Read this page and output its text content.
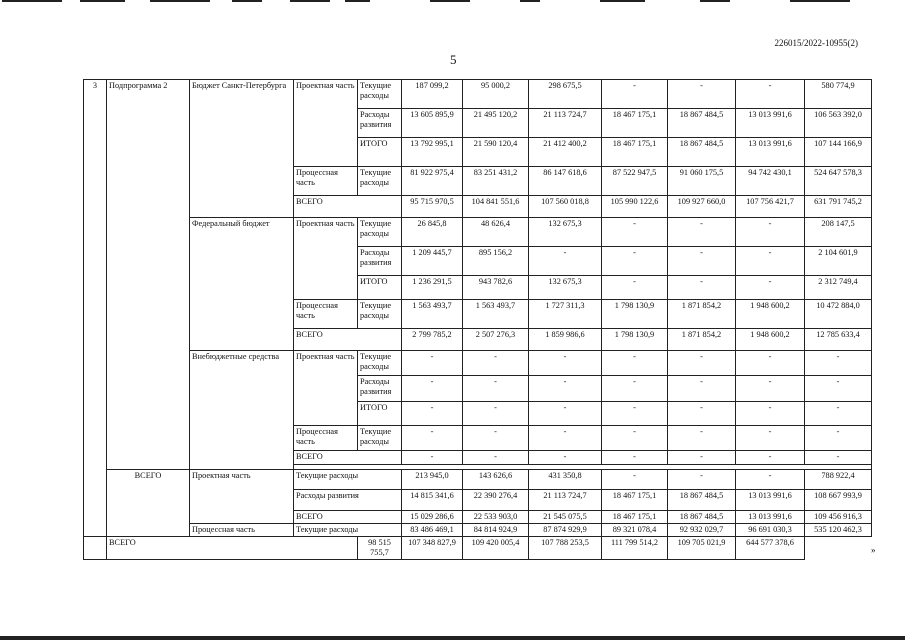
226015/2022-10955(2)
5
3	Подпрограмма 2	Бюджет Санкт-Петербурга	Проектная часть	Текущие расходы	187 099,2	95 000,2	298 675,5	-	-	-	580 774,9
				Расходы развития	13 605 895,9	21 495 120,2	21 113 724,7	18 467 175,1	18 867 484,5	13 013 991,6	106 563 392,0
				ИТОГО	13 792 995,1	21 590 120,4	21 412 400,2	18 467 175,1	18 867 484,5	13 013 991,6	107 144 166,9
			Процессная часть	Текущие расходы	81 922 975,4	83 251 431,2	86 147 618,6	87 522 947,5	91 060 175,5	94 742 430,1	524 647 578,3
			ВСЕГО		95 715 970,5	104 841 551,6	107 560 018,8	105 990 122,6	109 927 660,0	107 756 421,7	631 791 745,2
		Федеральный бюджет	Проектная часть	Текущие расходы	26 845,8	48 626,4	132 675,3	-	-	-	208 147,5
				Расходы развития	1 209 445,7	895 156,2	-	-	-	-	2 104 601,9
				ИТОГО	1 236 291,5	943 782,6	132 675,3	-	-	-	2 312 749,4
			Процессная часть	Текущие расходы	1 563 493,7	1 563 493,7	1 727 311,3	1 798 130,9	1 871 854,2	1 948 600,2	10 472 884,0
			ВСЕГО		2 799 785,2	2 507 276,3	1 859 986,6	1 798 130,9	1 871 854,2	1 948 600,2	12 785 633,4
		Внебюджетные средства	Проектная часть	Текущие расходы	-	-	-	-	-	-	-
				Расходы развития	-	-	-	-	-	-	-
				ИТОГО	-	-	-	-	-	-	-
			Процессная часть	Текущие расходы	-	-	-	-	-	-	-
			ВСЕГО		-	-	-	-	-	-	-

	ВСЕГО	Проектная часть	Текущие расходы		213 945,0	143 626,6	431 350,8	-	-	-	788 922,4
			Расходы развития		14 815 341,6	22 390 276,4	21 113 724,7	18 467 175,1	18 867 484,5	13 013 991,6	108 667 993,9
			ВСЕГО		15 029 286,6	22 533 903,0	21 545 075,5	18 467 175,1	18 867 484,5	13 013 991,6	109 456 916,3
		Процессная часть	Текущие расходы		83 486 469,1	84 814 924,9	87 874 929,9	89 321 078,4	92 932 029,7	96 691 030,3	535 120 462,3
	ВСЕГО			98 515 755,7	107 348 827,9	109 420 005,4	107 788 253,5	111 799 514,2	109 705 021,9	644 577 378,6	
»
